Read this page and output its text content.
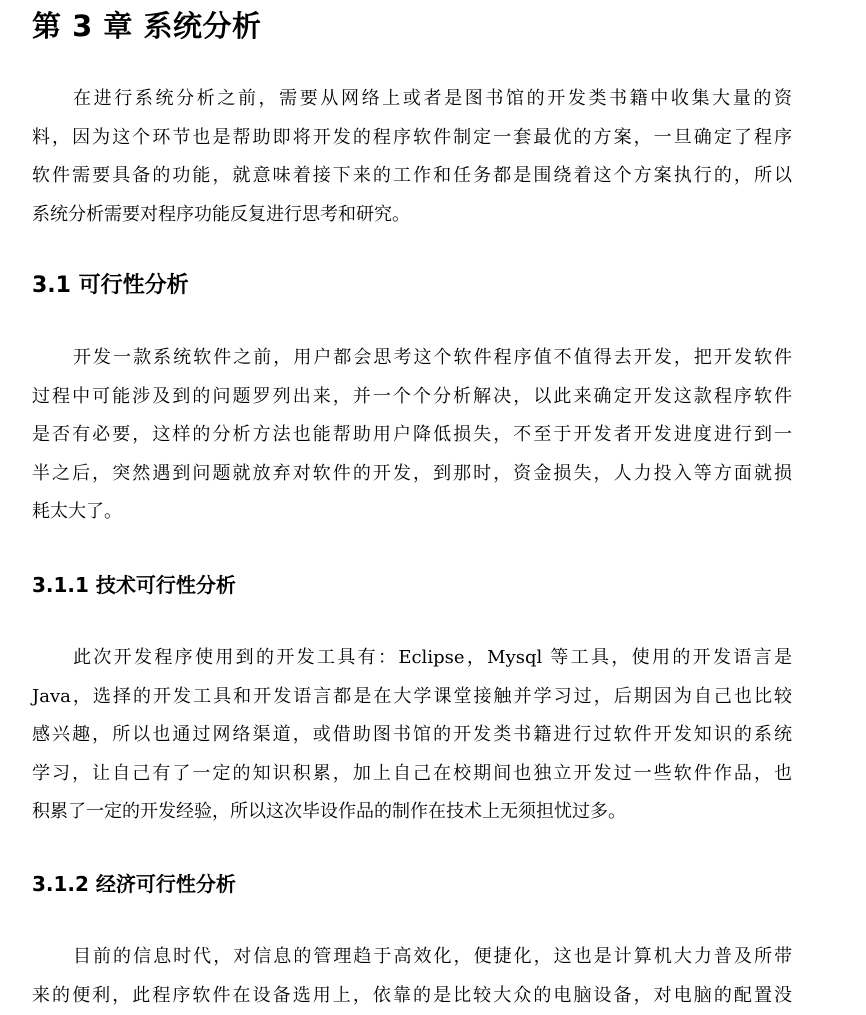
第 3 章 系统分析
在进行系统分析之前，需要从网络上或者是图书馆的开发类书籍中收集大量的资
料，因为这个环节也是帮助即将开发的程序软件制定一套最优的方案，一旦确定了程序
软件需要具备的功能，就意味着接下来的工作和任务都是围绕着这个方案执行的，所以
系统分析需要对程序功能反复进行思考和研究。
3.1 可行性分析
开发一款系统软件之前，用户都会思考这个软件程序值不值得去开发，把开发软件
过程中可能涉及到的问题罗列出来，并一个个分析解决，以此来确定开发这款程序软件
是否有必要，这样的分析方法也能帮助用户降低损失，不至于开发者开发进度进行到一
半之后，突然遇到问题就放弃对软件的开发，到那时，资金损失，人力投入等方面就损
耗太大了。
3.1.1 技术可行性分析
此次开发程序使用到的开发工具有：Eclipse，Mysql 等工具，使用的开发语言是
Java，选择的开发工具和开发语言都是在大学课堂接触并学习过，后期因为自己也比较
感兴趣，所以也通过网络渠道，或借助图书馆的开发类书籍进行过软件开发知识的系统
学习，让自己有了一定的知识积累，加上自己在校期间也独立开发过一些软件作品，也
积累了一定的开发经验，所以这次毕设作品的制作在技术上无须担忧过多。
3.1.2 经济可行性分析
目前的信息时代，对信息的管理趋于高效化，便捷化，这也是计算机大力普及所带
来的便利，此程序软件在设备选用上，依靠的是比较大众的电脑设备，对电脑的配置没
